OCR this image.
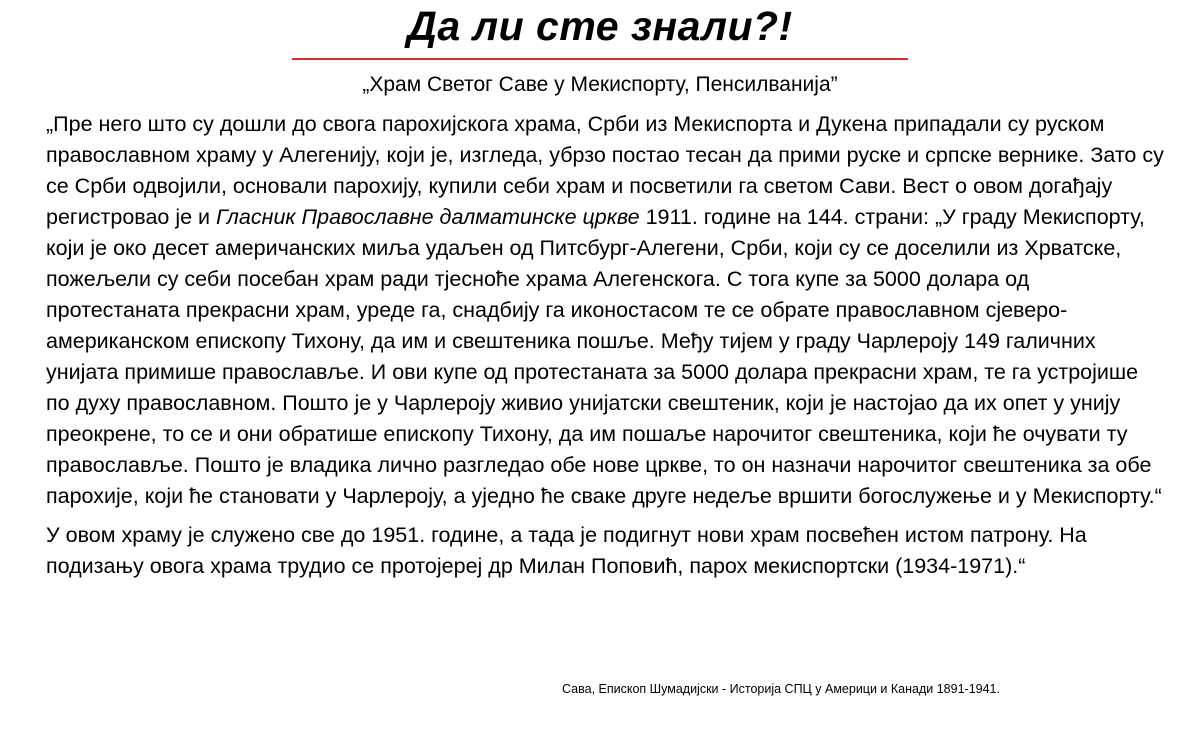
Да ли сте знали?!
„Храм Светог Саве у Мекиспорту, Пенсилванија”

„Пре него што су дошли до свога парохијскога храма, Срби из Мекиспорта и Дукена припадали су руском православном храму у Алегенију, који је, изгледа, убрзо постао тесан да прими руске и српске вернике. Зато су се Срби одвојили, основали парохију, купили себи храм и посветили га светом Сави. Вест о овом догађају регистровао је и Гласник Православне далматинске цркве 1911. године на 144. страни: „У граду Мекиспорту, који је око десет америчанских миља удаљен од Питсбург-Алегени, Срби, који су се доселили из Хрватске, пожељели су себи посебан храм ради тјесноће храма Алегенскога. С тога купе за 5000 долара од протестаната прекрасни храм, уреде га, снадбију га иконостасом те се обрате православном сјеверо-американском епископу Тихону, да им и свештеника пошље. Међу тијем у граду Чарлероју 149 галичних унијата примише православље. И ови купе од протестаната за 5000 долара прекрасни храм, те га устројише по духу православном. Пошто је у Чарлероју живио унијатски свештеник, који је настојао да их опет у унију преокрене, то се и они обратише епископу Тихону, да им пошаље нарочитог свештеника, који ће очувати ту православље. Пошто је владика лично разгледао обе нове цркве, то он назначи нарочитог свештеника за обе парохије, који ће становати у Чарлероју, а уједно ће сваке друге недеље вршити богослужење и у Мекиспорту.“

У овом храму је служено све до 1951. године, а тада је подигнут нови храм посвећен истом патрону. На подизању овога храма трудио се протојереј др Милан Поповић, парох мекиспортски (1934-1971).“

Сава, Епископ Шумадијски - Историја СПЦ у Америци и Канади 1891-1941.
